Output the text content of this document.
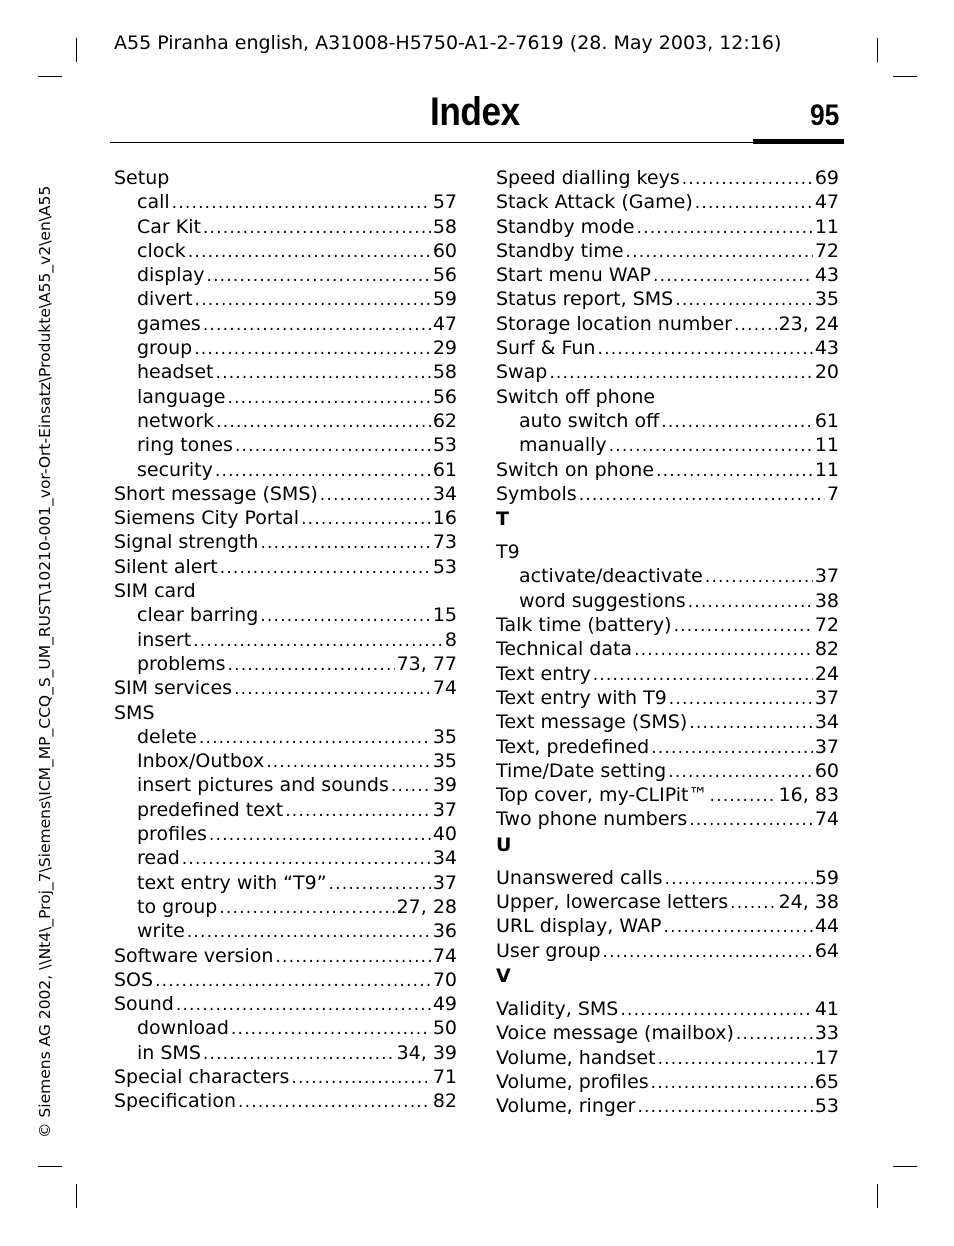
A55 Piranha english, A31008-H5750-A1-2-7619 (28. May 2003, 12:16)
Index	95
© Siemens AG 2002, \\Nt4\_Proj_7\Siemens\ICM_MP_CCQ_S_UM_RUST\10210-001_vor-Ort-Einsatz\Produkte\A55_v2\en\A55
Setup
call .....	57
Car Kit .....	58
clock .....	60
display .....	56
divert .....	59
games .....	47
group .....	29
headset .....	58
language .....	56
network .....	62
ring tones .....	53
security .....	61
Short message (SMS) .....	34
Siemens City Portal .....	16
Signal strength .....	73
Silent alert .....	53
SIM card
clear barring .....	15
insert .....	8
problems .....	73, 77
SIM services .....	74
SMS
delete .....	35
Inbox/Outbox .....	35
insert pictures and sounds ..... 39
predefined text .....	37
profiles .....	40
read .....	34
text entry with “T9” .....	37
to group .....	27, 28
write .....	36
Software version .....	74
SOS .....	70
Sound .....	49
download .....	50
in SMS .....	34, 39
Special characters .....	71
Specification .....	82
Speed dialling keys .....	69
Stack Attack (Game) .....	47
Standby mode .....	11
Standby time .....	72
Start menu WAP .....	43
Status report, SMS .....	35
Storage location number ..... 23, 24
Surf & Fun .....	43
Swap .....	20
Switch off phone
auto switch off .....	61
manually .....	11
Switch on phone .....	11
Symbols .....	7
T
T9
activate/deactivate .....	37
word suggestions .....	38
Talk time (battery) .....	72
Technical data .....	82
Text entry .....	24
Text entry with T9 .....	37
Text message (SMS) .....	34
Text, predefined .....	37
Time/Date setting .....	60
Top cover, my-CLIPit™ .....	16, 83
Two phone numbers .....	74
U
Unanswered calls .....	59
Upper, lowercase letters .....	24, 38
URL display, WAP .....	44
User group .....	64
V
Validity, SMS .....	41
Voice message (mailbox) .....	33
Volume, handset .....	17
Volume, profiles .....	65
Volume, ringer .....	53
